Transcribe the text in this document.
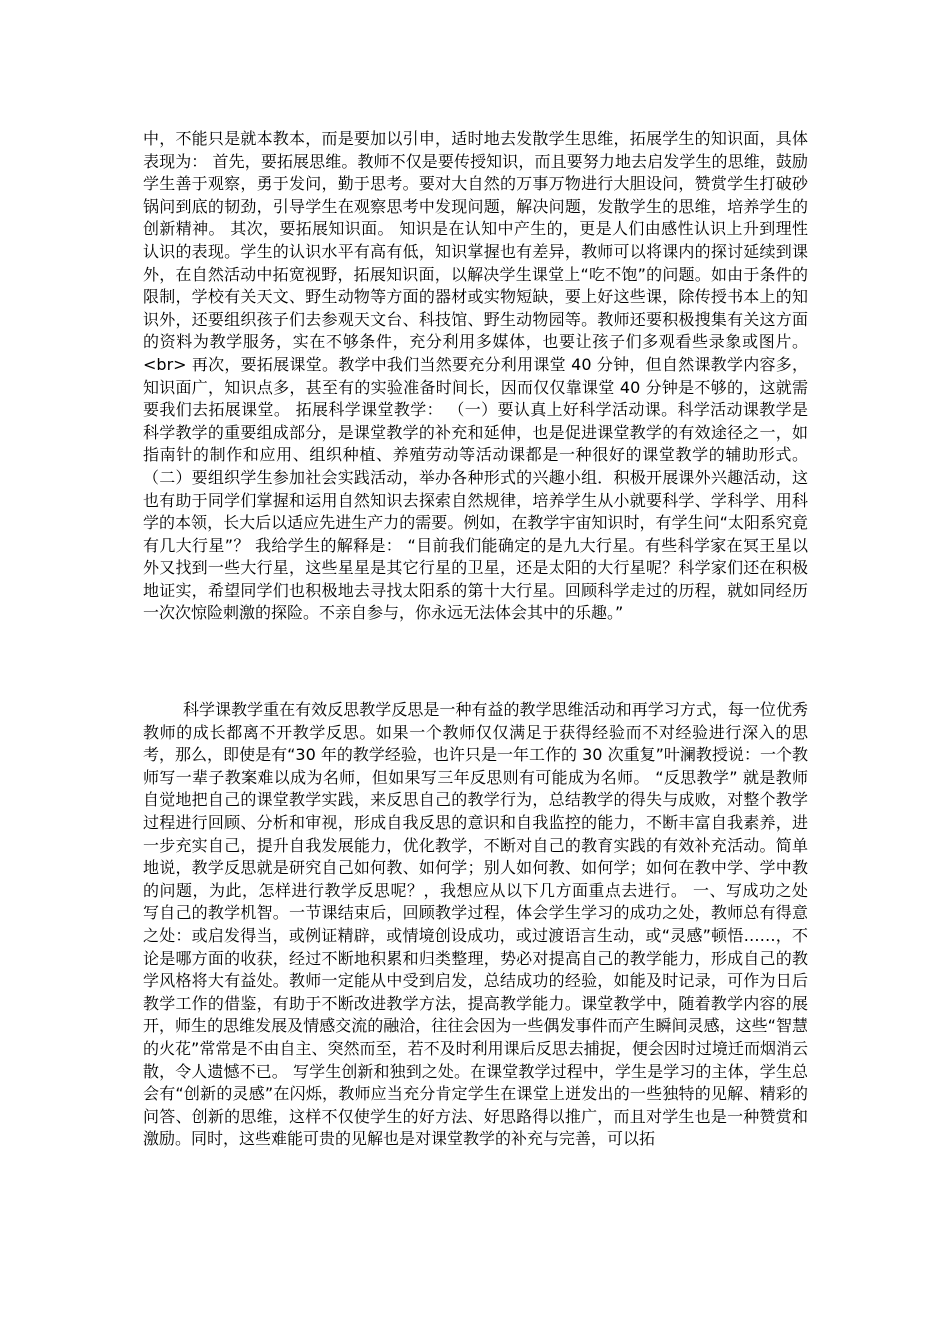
中，不能只是就本教本，而是要加以引申，适时地去发散学生思维，拓展学生的知识面，具体表现为： 首先，要拓展思维。教师不仅是要传授知识，而且要努力地去启发学生的思维，鼓励学生善于观察，勇于发问，勤于思考。要对大自然的万事万物进行大胆设问，赞赏学生打破砂锅问到底的韧劲，引导学生在观察思考中发现问题，解决问题，发散学生的思维，培养学生的创新精神。 其次，要拓展知识面。 知识是在认知中产生的，更是人们由感性认识上升到理性认识的表现。学生的认识水平有高有低，知识掌握也有差异，教师可以将课内的探讨延续到课外，在自然活动中拓宽视野，拓展知识面，以解决学生课堂上“吃不饱”的问题。如由于条件的限制，学校有关天文、野生动物等方面的器材或实物短缺，要上好这些课，除传授书本上的知识外，还要组织孩子们去参观天文台、科技馆、野生动物园等。教师还要积极搜集有关这方面的资料为教学服务，实在不够条件，充分利用多媒体，也要让孩子们多观看些录象或图片。<br> 再次，要拓展课堂。教学中我们当然要充分利用课堂 40 分钟，但自然课教学内容多，知识面广，知识点多，甚至有的实验准备时间长，因而仅仅靠课堂 40 分钟是不够的，这就需要我们去拓展课堂。 拓展科学课堂教学： （一）要认真上好科学活动课。科学活动课教学是科学教学的重要组成部分，是课堂教学的补充和延伸，也是促进课堂教学的有效途径之一，如指南针的制作和应用、组织种植、养殖劳动等活动课都是一种很好的课堂教学的辅助形式。 （二）要组织学生参加社会实践活动，举办各种形式的兴趣小组．积极开展课外兴趣活动，这也有助于同学们掌握和运用自然知识去探索自然规律，培养学生从小就要科学、学科学、用科学的本领，长大后以适应先进生产力的需要。例如，在教学宇宙知识时，有学生问“太阳系究竟有几大行星”？ 我给学生的解释是： “目前我们能确定的是九大行星。有些科学家在冥王星以外又找到一些大行星，这些星星是其它行星的卫星，还是太阳的大行星呢？科学家们还在积极地证实，希望同学们也积极地去寻找太阳系的第十大行星。回顾科学走过的历程，就如同经历一次次惊险刺激的探险。不亲自参与，你永远无法体会其中的乐趣。”

科学课教学重在有效反思教学反思是一种有益的教学思维活动和再学习方式，每一位优秀教师的成长都离不开教学反思。如果一个教师仅仅满足于获得经验而不对经验进行深入的思考，那么，即使是有“30 年的教学经验，也许只是一年工作的 30 次重复”叶澜教授说：一个教师写一辈子教案难以成为名师，但如果写三年反思则有可能成为名师。 “反思教学” 就是教师自觉地把自己的课堂教学实践，来反思自己的教学行为，总结教学的得失与成败，对整个教学过程进行回顾、分析和审视，形成自我反思的意识和自我监控的能力，不断丰富自我素养，进一步充实自己，提升自我发展能力，优化教学，不断对自己的教育实践的有效补充活动。简单地说，教学反思就是研究自己如何教、如何学；别人如何教、如何学；如何在教中学、学中教的问题，为此，怎样进行教学反思呢？，我想应从以下几方面重点去进行。 一、写成功之处 写自己的教学机智。一节课结束后，回顾教学过程，体会学生学习的成功之处，教师总有得意之处：或启发得当，或例证精辟，或情境创设成功，或过渡语言生动，或“灵感”顿悟……，不论是哪方面的收获，经过不断地积累和归类整理，势必对提高自己的教学能力，形成自己的教学风格将大有益处。教师一定能从中受到启发，总结成功的经验，如能及时记录，可作为日后教学工作的借鉴，有助于不断改进教学方法，提高教学能力。课堂教学中，随着教学内容的展开，师生的思维发展及情感交流的融洽，往往会因为一些偶发事件而产生瞬间灵感，这些“智慧的火花”常常是不由自主、突然而至，若不及时利用课后反思去捕捉，便会因时过境迁而烟消云散，令人遗憾不已。 写学生创新和独到之处。在课堂教学过程中，学生是学习的主体，学生总会有“创新的灵感”在闪烁，教师应当充分肯定学生在课堂上迸发出的一些独特的见解、精彩的问答、创新的思维，这样不仅使学生的好方法、好思路得以推广，而且对学生也是一种赞赏和激励。同时，这些难能可贵的见解也是对课堂教学的补充与完善，可以拓
